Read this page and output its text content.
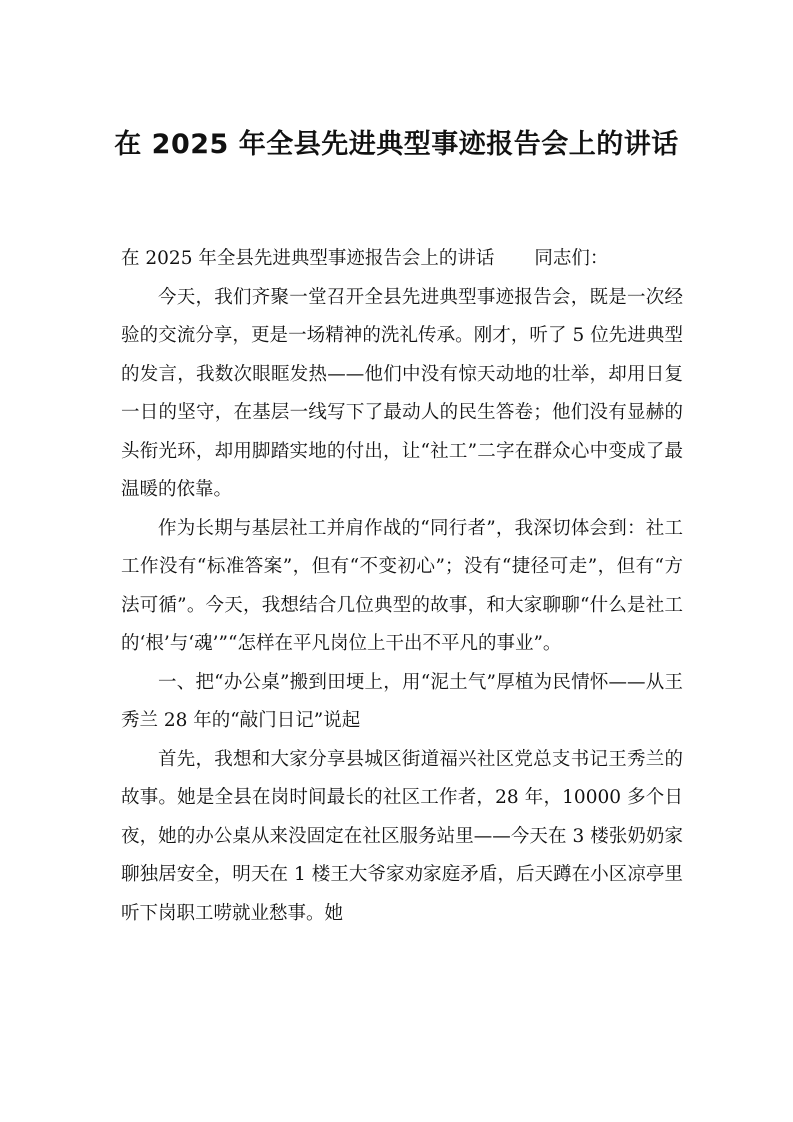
在 2025 年全县先进典型事迹报告会上的讲话

在 2025 年全县先进典型事迹报告会上的讲话 同志们：

今天，我们齐聚一堂召开全县先进典型事迹报告会，既是一次经验的交流分享，更是一场精神的洗礼传承。刚才，听了 5 位先进典型的发言，我数次眼眶发热——他们中没有惊天动地的壮举，却用日复一日的坚守，在基层一线写下了最动人的民生答卷；他们没有显赫的头衔光环，却用脚踏实地的付出，让“社工”二字在群众心中变成了最温暖的依靠。

作为长期与基层社工并肩作战的“同行者”，我深切体会到：社工工作没有“标准答案”，但有“不变初心”；没有“捷径可走”，但有“方法可循”。今天，我想结合几位典型的故事，和大家聊聊“什么是社工的‘根’与‘魂’”“怎样在平凡岗位上干出不平凡的事业”。

一、把“办公桌”搬到田埂上，用“泥土气”厚植为民情怀——从王秀兰 28 年的“敲门日记”说起

首先，我想和大家分享县城区街道福兴社区党总支书记王秀兰的故事。她是全县在岗时间最长的社区工作者，28 年，10000 多个日夜，她的办公桌从来没固定在社区服务站里——今天在 3 楼张奶奶家聊独居安全，明天在 1 楼王大爷家劝家庭矛盾，后天蹲在小区凉亭里听下岗职工唠就业愁事。她
